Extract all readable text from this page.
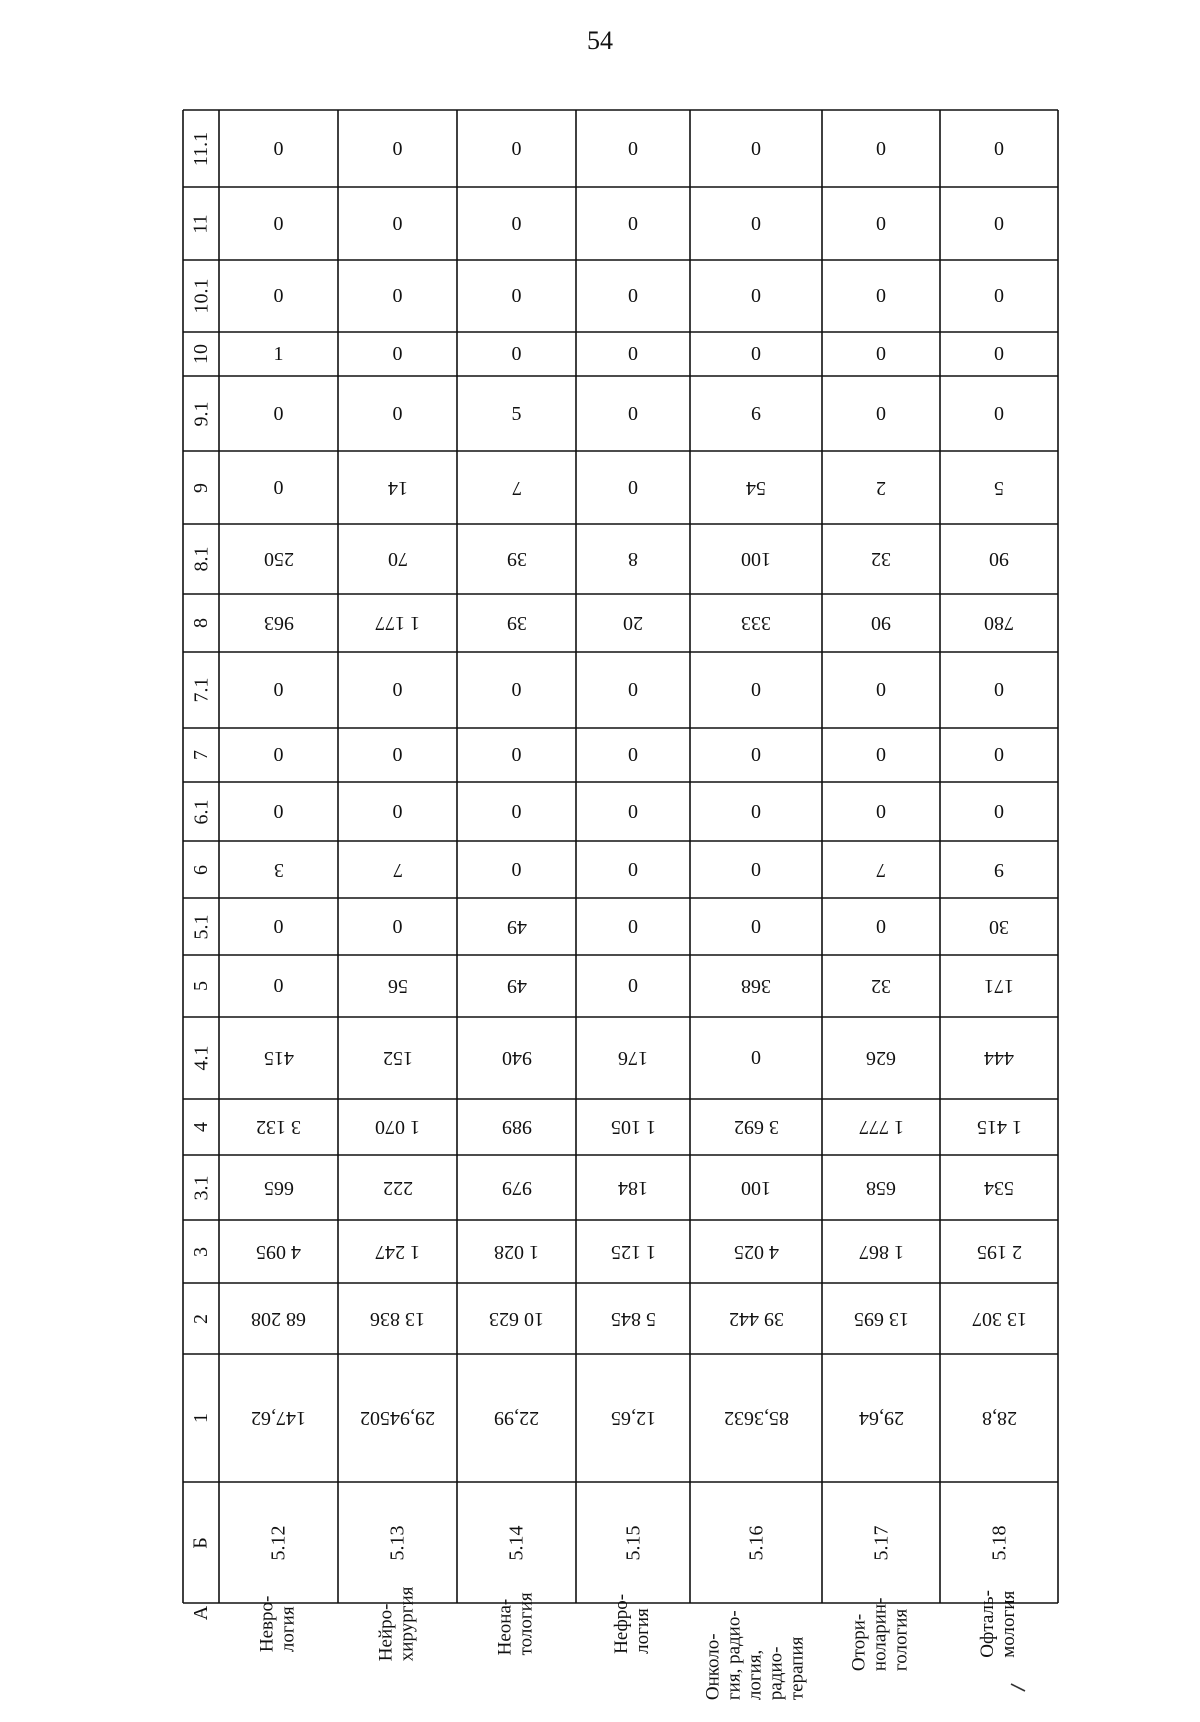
54
А
Б
1
2
3
3.1
4
4.1
5
5.1
6
6.1
7
7.1
8
8.1
9
9.1
10
10.1
11
11.1
Невро-
логия
5.12
147,62
68 208
4 095
665
3 132
415
0
0
3
0
0
0
963
250
0
0
1
0
0
0
Нейро-
хирургия
5.13
29,94502
13 836
1 247
222
1 070
152
56
0
7
0
0
0
1 177
70
14
0
0
0
0
0
Неона-
тология
5.14
22,99
10 623
1 028
979
989
940
49
49
0
0
0
0
39
39
7
5
0
0
0
0
Нефро-
логия
5.15
12,65
5 845
1 125
184
1 105
176
0
0
0
0
0
0
20
8
0
0
0
0
0
0
Онколо-
гия, радио-
логия,
радио-
терапия
5.16
85,3632
39 442
4 025
100
3 692
0
368
0
0
0
0
0
333
100
54
6
0
0
0
0
Отори-
ноларин-
гология
5.17
29,64
13 695
1 867
658
1 777
626
32
0
7
0
0
0
90
32
2
0
0
0
0
0
Офталь-
мология
5.18
28,8
13 307
2 195
534
1 415
444
171
30
9
0
0
0
780
90
5
0
0
0
0
0
